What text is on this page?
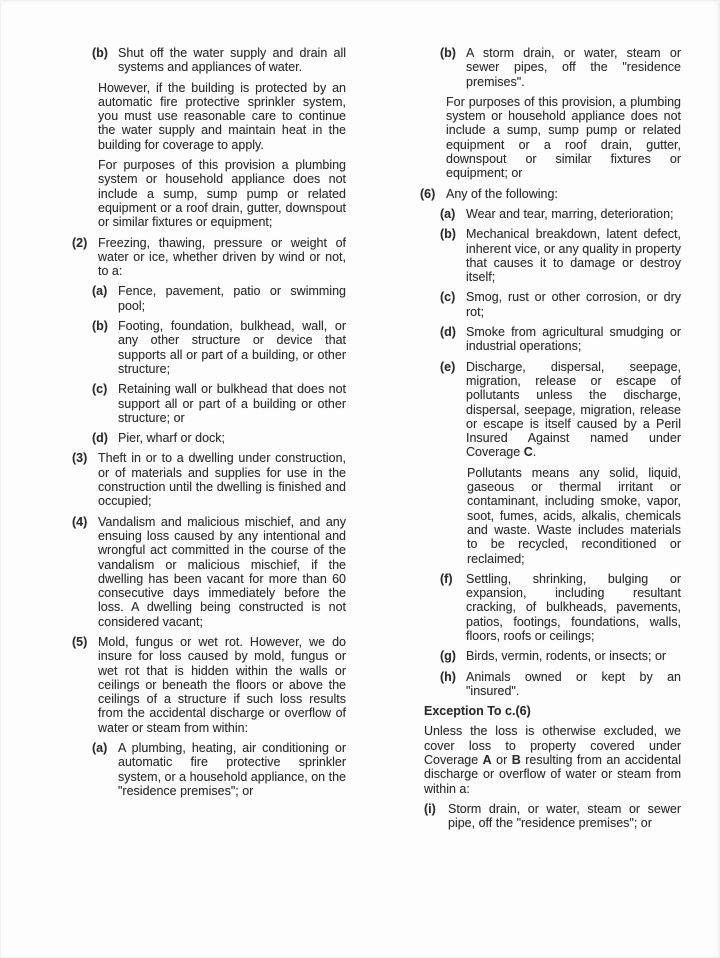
(b) Shut off the water supply and drain all systems and appliances of water.
However, if the building is protected by an automatic fire protective sprinkler system, you must use reasonable care to continue the water supply and maintain heat in the building for coverage to apply.
For purposes of this provision a plumbing system or household appliance does not include a sump, sump pump or related equipment or a roof drain, gutter, downspout or similar fixtures or equipment;
(2) Freezing, thawing, pressure or weight of water or ice, whether driven by wind or not, to a:
(a) Fence, pavement, patio or swimming pool;
(b) Footing, foundation, bulkhead, wall, or any other structure or device that supports all or part of a building, or other structure;
(c) Retaining wall or bulkhead that does not support all or part of a building or other structure; or
(d) Pier, wharf or dock;
(3) Theft in or to a dwelling under construction, or of materials and supplies for use in the construction until the dwelling is finished and occupied;
(4) Vandalism and malicious mischief, and any ensuing loss caused by any intentional and wrongful act committed in the course of the vandalism or malicious mischief, if the dwelling has been vacant for more than 60 consecutive days immediately before the loss. A dwelling being constructed is not considered vacant;
(5) Mold, fungus or wet rot. However, we do insure for loss caused by mold, fungus or wet rot that is hidden within the walls or ceilings or beneath the floors or above the ceilings of a structure if such loss results from the accidental discharge or overflow of water or steam from within:
(a) A plumbing, heating, air conditioning or automatic fire protective sprinkler system, or a household appliance, on the "residence premises"; or
(b) A storm drain, or water, steam or sewer pipes, off the "residence premises".
For purposes of this provision, a plumbing system or household appliance does not include a sump, sump pump or related equipment or a roof drain, gutter, downspout or similar fixtures or equipment; or
(6) Any of the following:
(a) Wear and tear, marring, deterioration;
(b) Mechanical breakdown, latent defect, inherent vice, or any quality in property that causes it to damage or destroy itself;
(c) Smog, rust or other corrosion, or dry rot;
(d) Smoke from agricultural smudging or industrial operations;
(e) Discharge, dispersal, seepage, migration, release or escape of pollutants unless the discharge, dispersal, seepage, migration, release or escape is itself caused by a Peril Insured Against named under Coverage C.
Pollutants means any solid, liquid, gaseous or thermal irritant or contaminant, including smoke, vapor, soot, fumes, acids, alkalis, chemicals and waste. Waste includes materials to be recycled, reconditioned or reclaimed;
(f) Settling, shrinking, bulging or expansion, including resultant cracking, of bulkheads, pavements, patios, footings, foundations, walls, floors, roofs or ceilings;
(g) Birds, vermin, rodents, or insects; or
(h) Animals owned or kept by an "insured".
Exception To c.(6)
Unless the loss is otherwise excluded, we cover loss to property covered under Coverage A or B resulting from an accidental discharge or overflow of water or steam from within a:
(i) Storm drain, or water, steam or sewer pipe, off the "residence premises"; or
